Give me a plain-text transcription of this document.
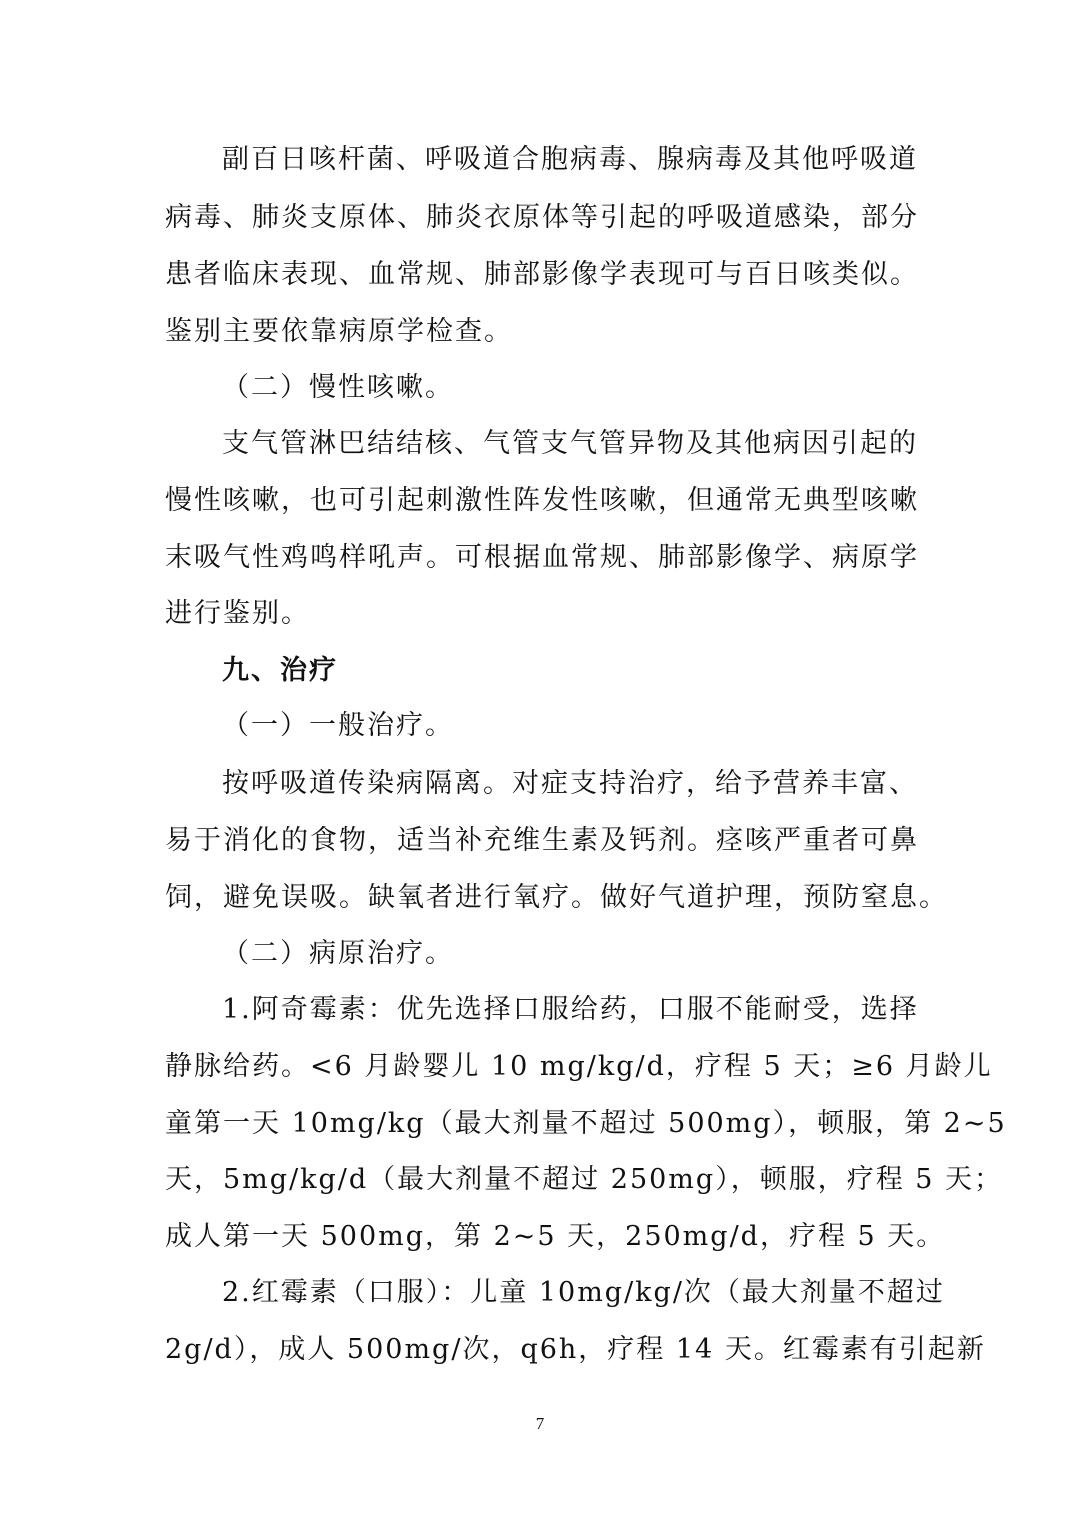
副百日咳杆菌、呼吸道合胞病毒、腺病毒及其他呼吸道
病毒、肺炎支原体、肺炎衣原体等引起的呼吸道感染，部分
患者临床表现、血常规、肺部影像学表现可与百日咳类似。
鉴别主要依靠病原学检查。
（二）慢性咳嗽。
支气管淋巴结结核、气管支气管异物及其他病因引起的
慢性咳嗽，也可引起刺激性阵发性咳嗽，但通常无典型咳嗽
末吸气性鸡鸣样吼声。可根据血常规、肺部影像学、病原学
进行鉴别。
九、治疗
（一）一般治疗。
按呼吸道传染病隔离。对症支持治疗，给予营养丰富、
易于消化的食物，适当补充维生素及钙剂。痉咳严重者可鼻
饲，避免误吸。缺氧者进行氧疗。做好气道护理，预防窒息。
（二）病原治疗。
1.阿奇霉素：优先选择口服给药，口服不能耐受，选择
静脉给药。<6 月龄婴儿 10 mg/kg/d，疗程 5 天；≥6 月龄儿
童第一天 10mg/kg（最大剂量不超过 500mg），顿服，第 2~5
天，5mg/kg/d（最大剂量不超过 250mg），顿服，疗程 5 天；
成人第一天 500mg，第 2~5 天，250mg/d，疗程 5 天。
2.红霉素（口服）：儿童 10mg/kg/次（最大剂量不超过
2g/d），成人 500mg/次，q6h，疗程 14 天。红霉素有引起新
7
